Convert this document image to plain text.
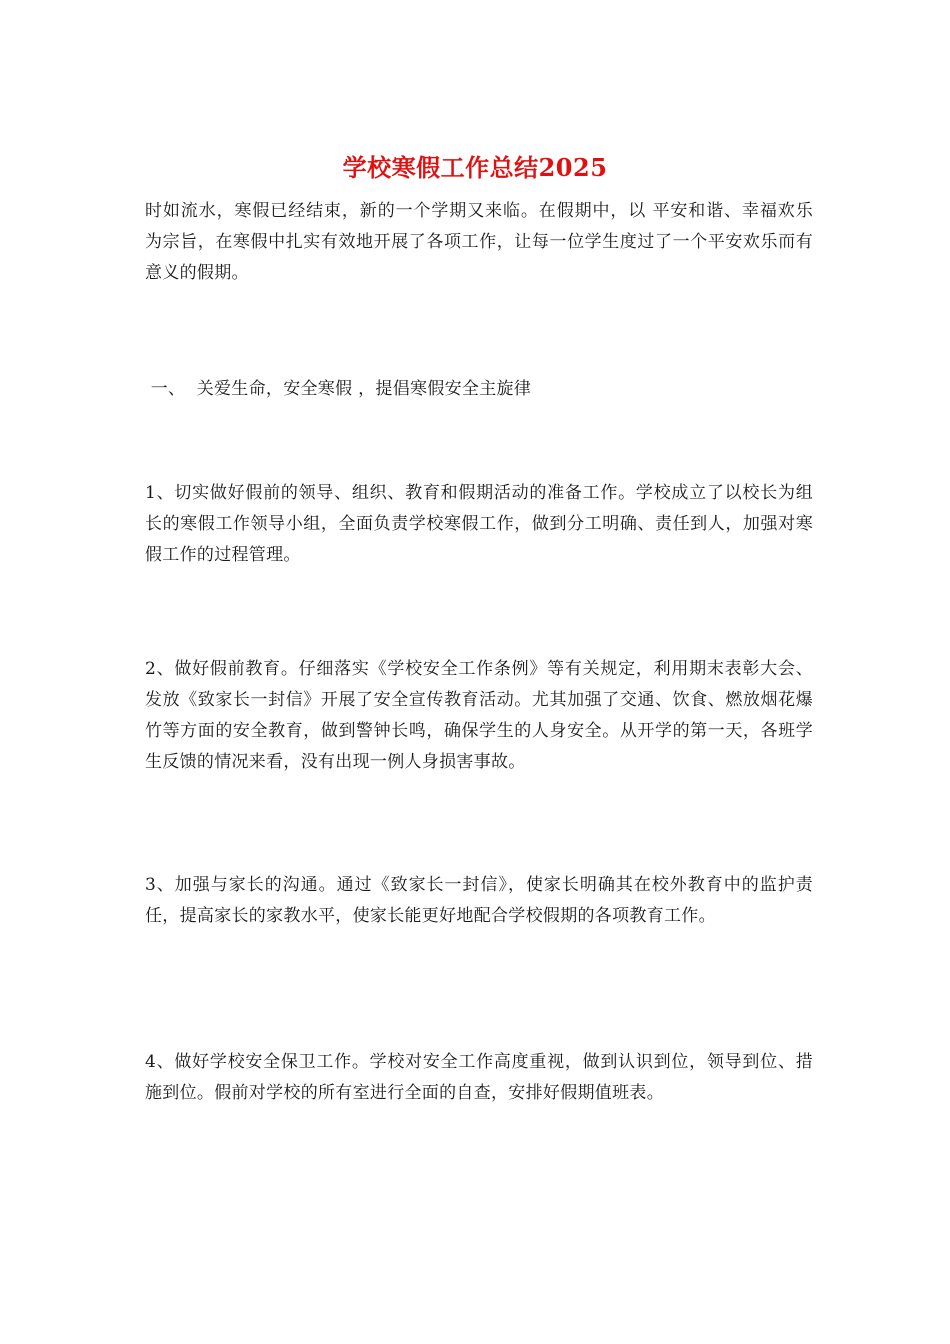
学校寒假工作总结2025
时如流水，寒假已经结束，新的一个学期又来临。在假期中，以 平安和谐、幸福欢乐 为宗旨，在寒假中扎实有效地开展了各项工作，让每一位学生度过了一个平安欢乐而有意义的假期。
一、  关爱生命，安全寒假 ，提倡寒假安全主旋律
1、切实做好假前的领导、组织、教育和假期活动的准备工作。学校成立了以校长为组长的寒假工作领导小组，全面负责学校寒假工作，做到分工明确、责任到人，加强对寒假工作的过程管理。
2、做好假前教育。仔细落实《学校安全工作条例》等有关规定，利用期末表彰大会、发放《致家长一封信》开展了安全宣传教育活动。尤其加强了交通、饮食、燃放烟花爆竹等方面的安全教育，做到警钟长鸣，确保学生的人身安全。从开学的第一天，各班学生反馈的情况来看，没有出现一例人身损害事故。
3、加强与家长的沟通。通过《致家长一封信》，使家长明确其在校外教育中的监护责任，提高家长的家教水平，使家长能更好地配合学校假期的各项教育工作。
4、做好学校安全保卫工作。学校对安全工作高度重视，做到认识到位，领导到位、措施到位。假前对学校的所有室进行全面的自查，安排好假期值班表。
